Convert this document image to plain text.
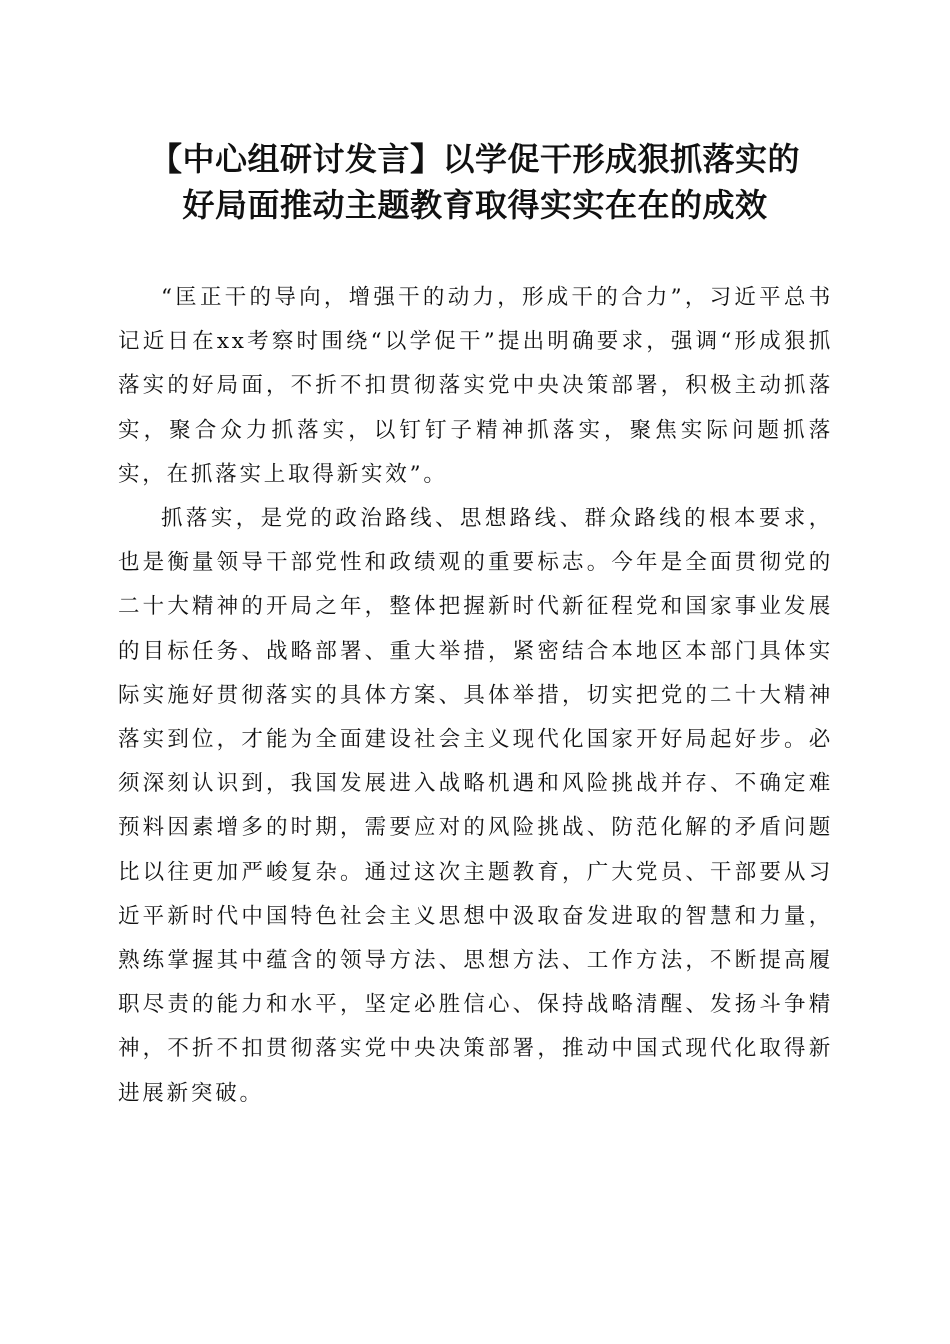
【中心组研讨发言】以学促干形成狠抓落实的
好局面推动主题教育取得实实在在的成效

“匡正干的导向，增强干的动力，形成干的合力”，习近平总书记近日在xx考察时围绕“以学促干”提出明确要求，强调“形成狠抓落实的好局面，不折不扣贯彻落实党中央决策部署，积极主动抓落实，聚合众力抓落实，以钉钉子精神抓落实，聚焦实际问题抓落实，在抓落实上取得新实效”。

抓落实，是党的政治路线、思想路线、群众路线的根本要求，也是衡量领导干部党性和政绩观的重要标志。今年是全面贯彻党的二十大精神的开局之年，整体把握新时代新征程党和国家事业发展的目标任务、战略部署、重大举措，紧密结合本地区本部门具体实际实施好贯彻落实的具体方案、具体举措，切实把党的二十大精神落实到位，才能为全面建设社会主义现代化国家开好局起好步。必须深刻认识到，我国发展进入战略机遇和风险挑战并存、不确定难预料因素增多的时期，需要应对的风险挑战、防范化解的矛盾问题比以往更加严峻复杂。通过这次主题教育，广大党员、干部要从习近平新时代中国特色社会主义思想中汲取奋发进取的智慧和力量，熟练掌握其中蕴含的领导方法、思想方法、工作方法，不断提高履职尽责的能力和水平，坚定必胜信心、保持战略清醒、发扬斗争精神，不折不扣贯彻落实党中央决策部署，推动中国式现代化取得新进展新突破。
